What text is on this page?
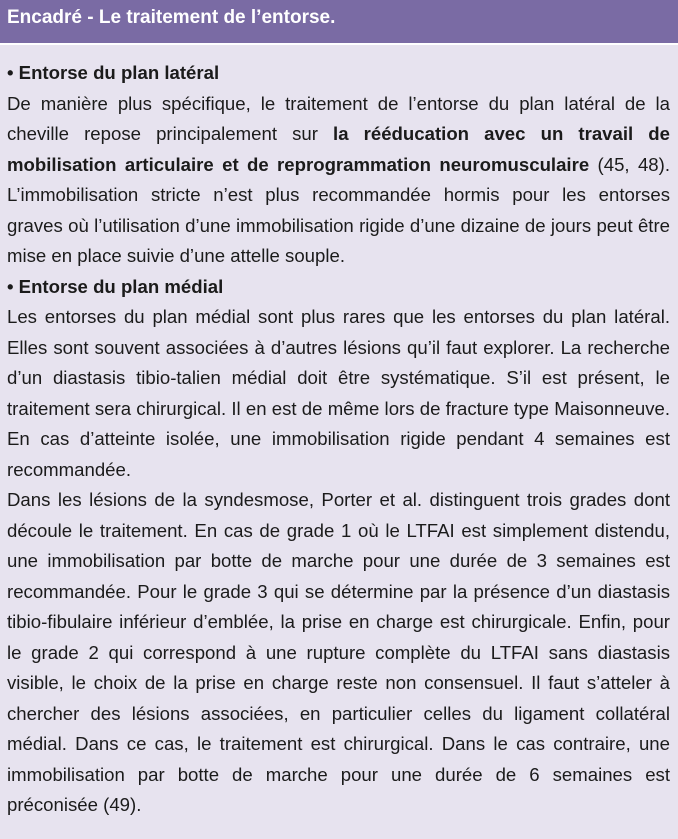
Encadré - Le traitement de l’entorse.

• Entorse du plan latéral

De manière plus spécifique, le traitement de l’entorse du plan latéral de la cheville repose principalement sur la rééducation avec un travail de mobilisation articulaire et de reprogrammation neuromusculaire (45, 48). L’immobilisation stricte n’est plus recommandée hormis pour les entorses graves où l’utilisation d’une immobilisation rigide d’une dizaine de jours peut être mise en place suivie d’une attelle souple.

• Entorse du plan médial

Les entorses du plan médial sont plus rares que les entorses du plan latéral. Elles sont souvent associées à d’autres lésions qu’il faut explorer. La recherche d’un diastasis tibio-talien médial doit être systématique. S’il est présent, le traitement sera chirurgical. Il en est de même lors de fracture type Maisonneuve. En cas d’atteinte isolée, une immobilisation rigide pendant 4 semaines est recommandée.

Dans les lésions de la syndesmose, Porter et al. distinguent trois grades dont découle le traitement. En cas de grade 1 où le LTFAI est simplement distendu, une immobilisation par botte de marche pour une durée de 3 semaines est recommandée. Pour le grade 3 qui se détermine par la présence d’un diastasis tibio-fibulaire inférieur d’emblée, la prise en charge est chirurgicale. Enfin, pour le grade 2 qui correspond à une rupture complète du LTFAI sans diastasis visible, le choix de la prise en charge reste non consensuel. Il faut s’atteler à chercher des lésions associées, en particulier celles du ligament collatéral médial. Dans ce cas, le traitement est chirurgical. Dans le cas contraire, une immobilisation par botte de marche pour une durée de 6 semaines est préconisée (49).
